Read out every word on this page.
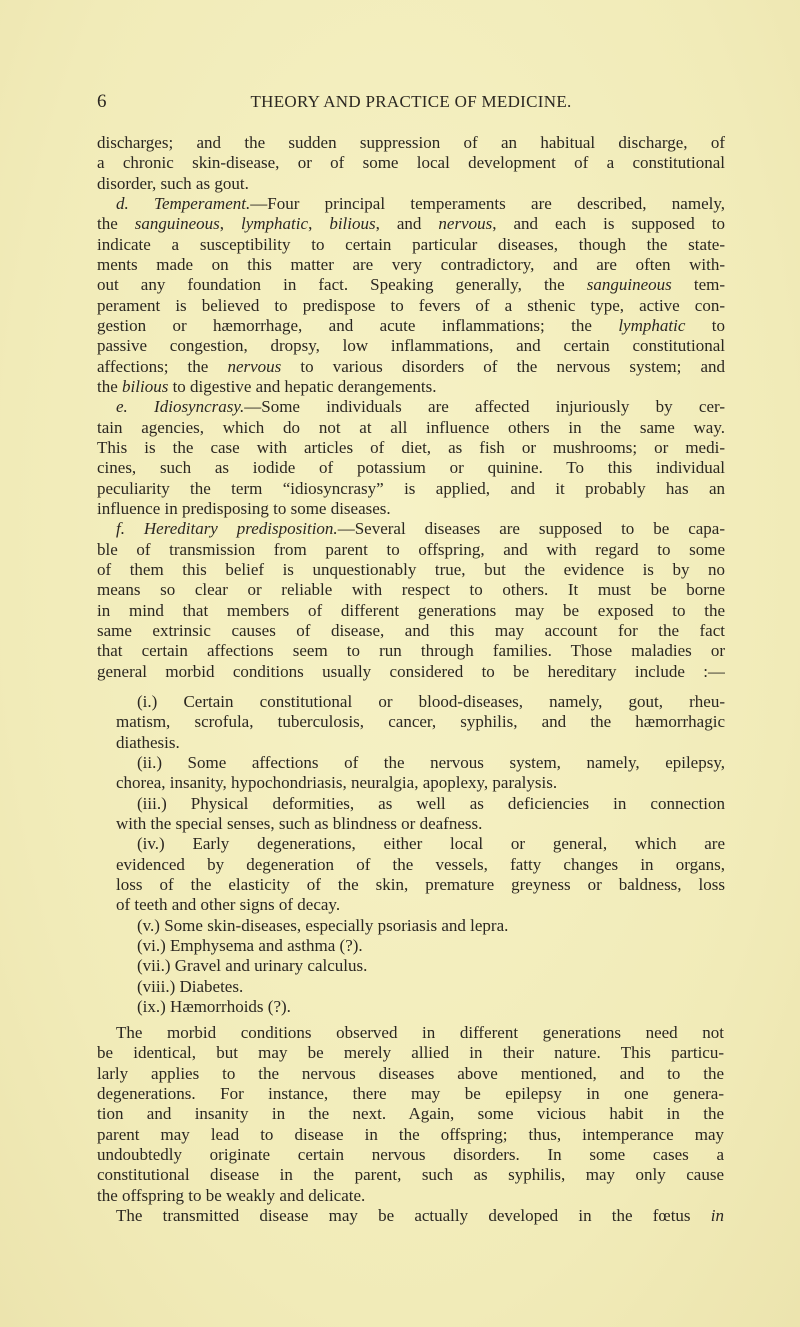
6	THEORY AND PRACTICE OF MEDICINE.
discharges; and the sudden suppression of an habitual discharge, of
a chronic skin-disease, or of some local development of a constitutional
disorder, such as gout.
d. Temperament.—Four principal temperaments are described, namely,
the sanguineous, lymphatic, bilious, and nervous, and each is supposed to
indicate a susceptibility to certain particular diseases, though the state-
ments made on this matter are very contradictory, and are often with-
out any foundation in fact. Speaking generally, the sanguineous tem-
perament is believed to predispose to fevers of a sthenic type, active con-
gestion or hæmorrhage, and acute inflammations; the lymphatic to
passive congestion, dropsy, low inflammations, and certain constitutional
affections; the nervous to various disorders of the nervous system; and
the bilious to digestive and hepatic derangements.
e. Idiosyncrasy.—Some individuals are affected injuriously by cer-
tain agencies, which do not at all influence others in the same way.
This is the case with articles of diet, as fish or mushrooms; or medi-
cines, such as iodide of potassium or quinine. To this individual
peculiarity the term “idiosyncrasy” is applied, and it probably has an
influence in predisposing to some diseases.
f. Hereditary predisposition.—Several diseases are supposed to be capa-
ble of transmission from parent to offspring, and with regard to some
of them this belief is unquestionably true, but the evidence is by no
means so clear or reliable with respect to others. It must be borne
in mind that members of different generations may be exposed to the
same extrinsic causes of disease, and this may account for the fact
that certain affections seem to run through families. Those maladies or
general morbid conditions usually considered to be hereditary include :—
(i.) Certain constitutional or blood-diseases, namely, gout, rheu-
matism, scrofula, tuberculosis, cancer, syphilis, and the hæmorrhagic
diathesis.
(ii.) Some affections of the nervous system, namely, epilepsy,
chorea, insanity, hypochondriasis, neuralgia, apoplexy, paralysis.
(iii.) Physical deformities, as well as deficiencies in connection
with the special senses, such as blindness or deafness.
(iv.) Early degenerations, either local or general, which are
evidenced by degeneration of the vessels, fatty changes in organs,
loss of the elasticity of the skin, premature greyness or baldness, loss
of teeth and other signs of decay.
(v.) Some skin-diseases, especially psoriasis and lepra.
(vi.) Emphysema and asthma (?).
(vii.) Gravel and urinary calculus.
(viii.) Diabetes.
(ix.) Hæmorrhoids (?).
The morbid conditions observed in different generations need not
be identical, but may be merely allied in their nature. This particu-
larly applies to the nervous diseases above mentioned, and to the
degenerations. For instance, there may be epilepsy in one genera-
tion and insanity in the next. Again, some vicious habit in the
parent may lead to disease in the offspring; thus, intemperance may
undoubtedly originate certain nervous disorders. In some cases a
constitutional disease in the parent, such as syphilis, may only cause
the offspring to be weakly and delicate.
The transmitted disease may be actually developed in the fœtus in
